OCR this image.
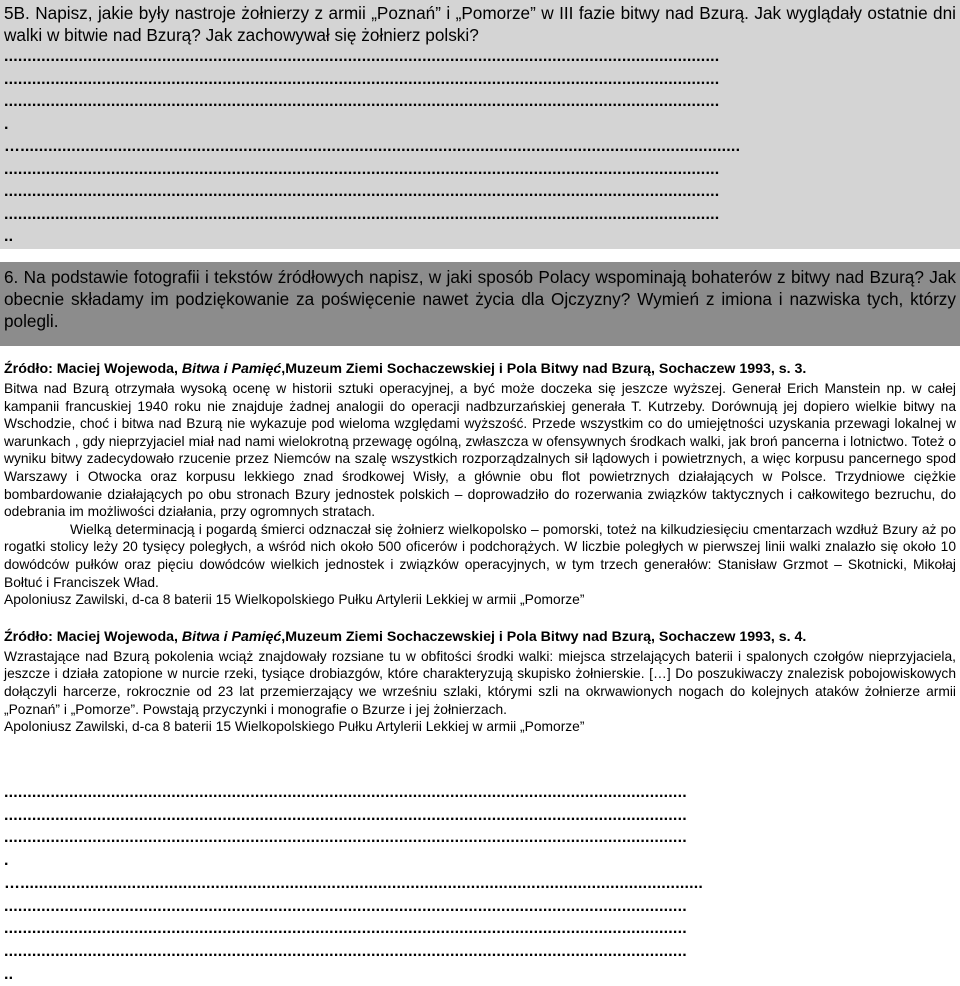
5B. Napisz, jakie były nastroje żołnierzy z armii „Poznań” i „Pomorze” w III fazie bitwy nad Bzurą. Jak wyglądały ostatnie dni walki w bitwie nad Bzurą? Jak zachowywał się żołnierz polski?
..........................................................................................................................................................
..........................................................................................................................................................
..........................................................................................................................................................
.
…...........................................................................................................................................................
..........................................................................................................................................................
..........................................................................................................................................................
..........................................................................................................................................................
..
6. Na podstawie fotografii i tekstów źródłowych napisz, w jaki sposób Polacy wspominają bohaterów z bitwy nad Bzurą? Jak obecnie składamy im podziękowanie za poświęcenie nawet życia dla Ojczyzny? Wymień z imiona i nazwiska tych, którzy polegli.
Źródło: Maciej Wojewoda, Bitwa i Pamięć,Muzeum Ziemi Sochaczewskiej i Pola Bitwy nad Bzurą, Sochaczew 1993, s. 3.
Bitwa nad Bzurą otrzymała wysoką ocenę w historii sztuki operacyjnej, a być może doczeka się jeszcze wyższej. Generał Erich Manstein np. w całej kampanii francuskiej 1940 roku nie znajduje żadnej analogii do operacji nadbzurzańskiej generała T. Kutrzeby. Dorównują jej dopiero wielkie bitwy na Wschodzie, choć i bitwa nad Bzurą nie wykazuje pod wieloma względami wyższość. Przede wszystkim co do umiejętności uzyskania przewagi lokalnej w warunkach , gdy nieprzyjaciel miał nad nami wielokrotną przewagę ogólną, zwłaszcza w ofensywnych środkach walki, jak broń pancerna i lotnictwo. Toteż o wyniku bitwy zadecydowało rzucenie przez Niemców na szalę wszystkich rozporządzalnych sił lądowych i powietrznych, a więc korpusu pancernego spod Warszawy i Otwocka oraz korpusu lekkiego znad środkowej Wisły, a głównie obu flot powietrznych działających w Polsce. Trzydniowe ciężkie bombardowanie działających po obu stronach Bzury jednostek polskich – doprowadziło do rozerwania związków taktycznych i całkowitego bezruchu, do odebrania im możliwości działania, przy ogromnych stratach.
Wielką determinacją i pogardą śmierci odznaczał się żołnierz wielkopolsko – pomorski, toteż na kilkudziesięciu cmentarzach wzdłuż Bzury aż po rogatki stolicy leży 20 tysięcy poległych, a wśród nich około 500 oficerów i podchorążych. W liczbie poległych w pierwszej linii walki znalazło się około 10 dowódców pułków oraz pięciu dowódców wielkich jednostek i związków operacyjnych, w tym trzech generałów: Stanisław Grzmot – Skotnicki, Mikołaj Bołtuć i Franciszek Wład.
Apoloniusz Zawilski, d-ca 8 baterii 15 Wielkopolskiego Pułku Artylerii Lekkiej w armii „Pomorze”
Źródło: Maciej Wojewoda, Bitwa i Pamięć,Muzeum Ziemi Sochaczewskiej i Pola Bitwy nad Bzurą, Sochaczew 1993, s. 4.
Wzrastające nad Bzurą pokolenia wciąż znajdowały rozsiane tu w obfitości środki walki: miejsca strzelających baterii i spalonych czołgów nieprzyjaciela, jeszcze i działa zatopione w nurcie rzeki, tysiące drobiazgów, które charakteryzują skupisko żołnierskie. […] Do poszukiwaczy znalezisk pobojowiskowych dołączyli harcerze, rokrocznie od 23 lat przemierzający we wrześniu szlaki, którymi szli na okrwawionych nogach do kolejnych ataków żołnierze armii „Poznań” i „Pomorze”. Powstają przyczynki i monografie o Bzurze i jej żołnierzach.
Apoloniusz Zawilski, d-ca 8 baterii 15 Wielkopolskiego Pułku Artylerii Lekkiej w armii „Pomorze”
...................................................................................................................................................
...................................................................................................................................................
...................................................................................................................................................
.
…...................................................................................................................................................
...................................................................................................................................................
...................................................................................................................................................
...................................................................................................................................................
..
